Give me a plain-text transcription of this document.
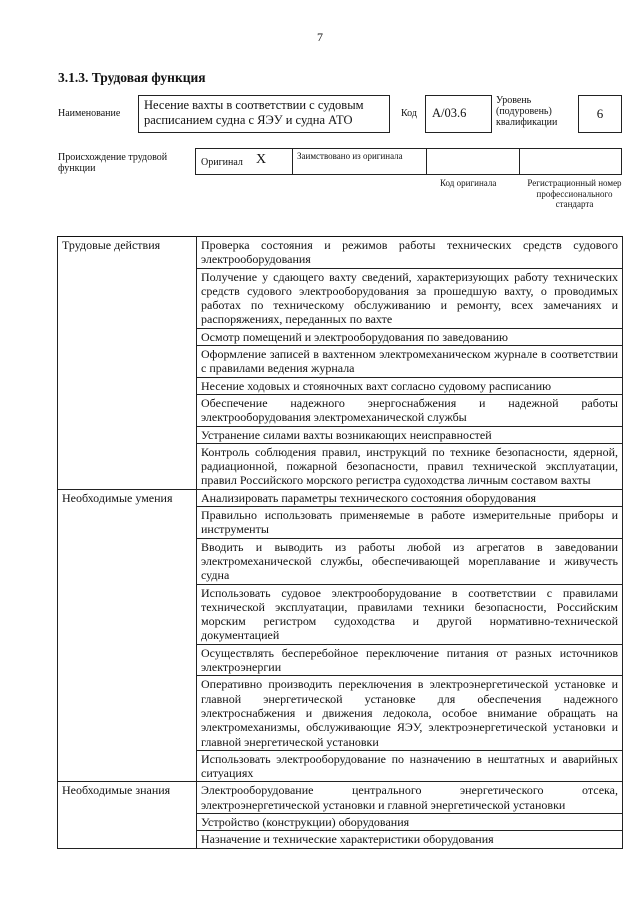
7
3.1.3. Трудовая функция
Наименование
Несение вахты в соответствии с судовым расписанием судна с ЯЭУ и судна АТО	Код	A/03.6
Уровень (подуровень) квалификации
6
Происхождение трудовой функции
Оригинал X	Заимствовано из оригинала
Код оригинала	Регистрационный номер профессионального стандарта
Трудовые действия	Проверка состояния и режимов работы технических средств судового электрооборудования
	Получение у сдающего вахту сведений, характеризующих работу технических средств судового электрооборудования за прошедшую вахту, о проводимых работах по техническому обслуживанию и ремонту, всех замечаниях и распоряжениях, переданных по вахте
	Осмотр помещений и электрооборудования по заведованию
	Оформление записей в вахтенном электромеханическом журнале в соответствии с правилами ведения журнала
	Несение ходовых и стояночных вахт согласно судовому расписанию
	Обеспечение надежного энергоснабжения и надежной работы электрооборудования электромеханической службы
	Устранение силами вахты возникающих неисправностей
	Контроль соблюдения правил, инструкций по технике безопасности, ядерной, радиационной, пожарной безопасности, правил технической эксплуатации, правил Российского морского регистра судоходства личным составом вахты
Необходимые умения	Анализировать параметры технического состояния оборудования
	Правильно использовать применяемые в работе измерительные приборы и инструменты
	Вводить и выводить из работы любой из агрегатов в заведовании электромеханической службы, обеспечивающей мореплавание и живучесть судна
	Использовать судовое электрооборудование в соответствии с правилами технической эксплуатации, правилами техники безопасности, Российским морским регистром судоходства и другой нормативно-технической документацией
	Осуществлять бесперебойное переключение питания от разных источников электроэнергии
	Оперативно производить переключения в электроэнергетической установке и главной энергетической установке для обеспечения надежного электроснабжения и движения ледокола, особое внимание обращать на электромеханизмы, обслуживающие ЯЭУ, электроэнергетической установки и главной энергетической установки
	Использовать электрооборудование по назначению в нештатных и аварийных ситуациях
Необходимые знания	Электрооборудование центрального энергетического отсека, электроэнергетической установки и главной энергетической установки
	Устройство (конструкции) оборудования
	Назначение и технические характеристики оборудования
